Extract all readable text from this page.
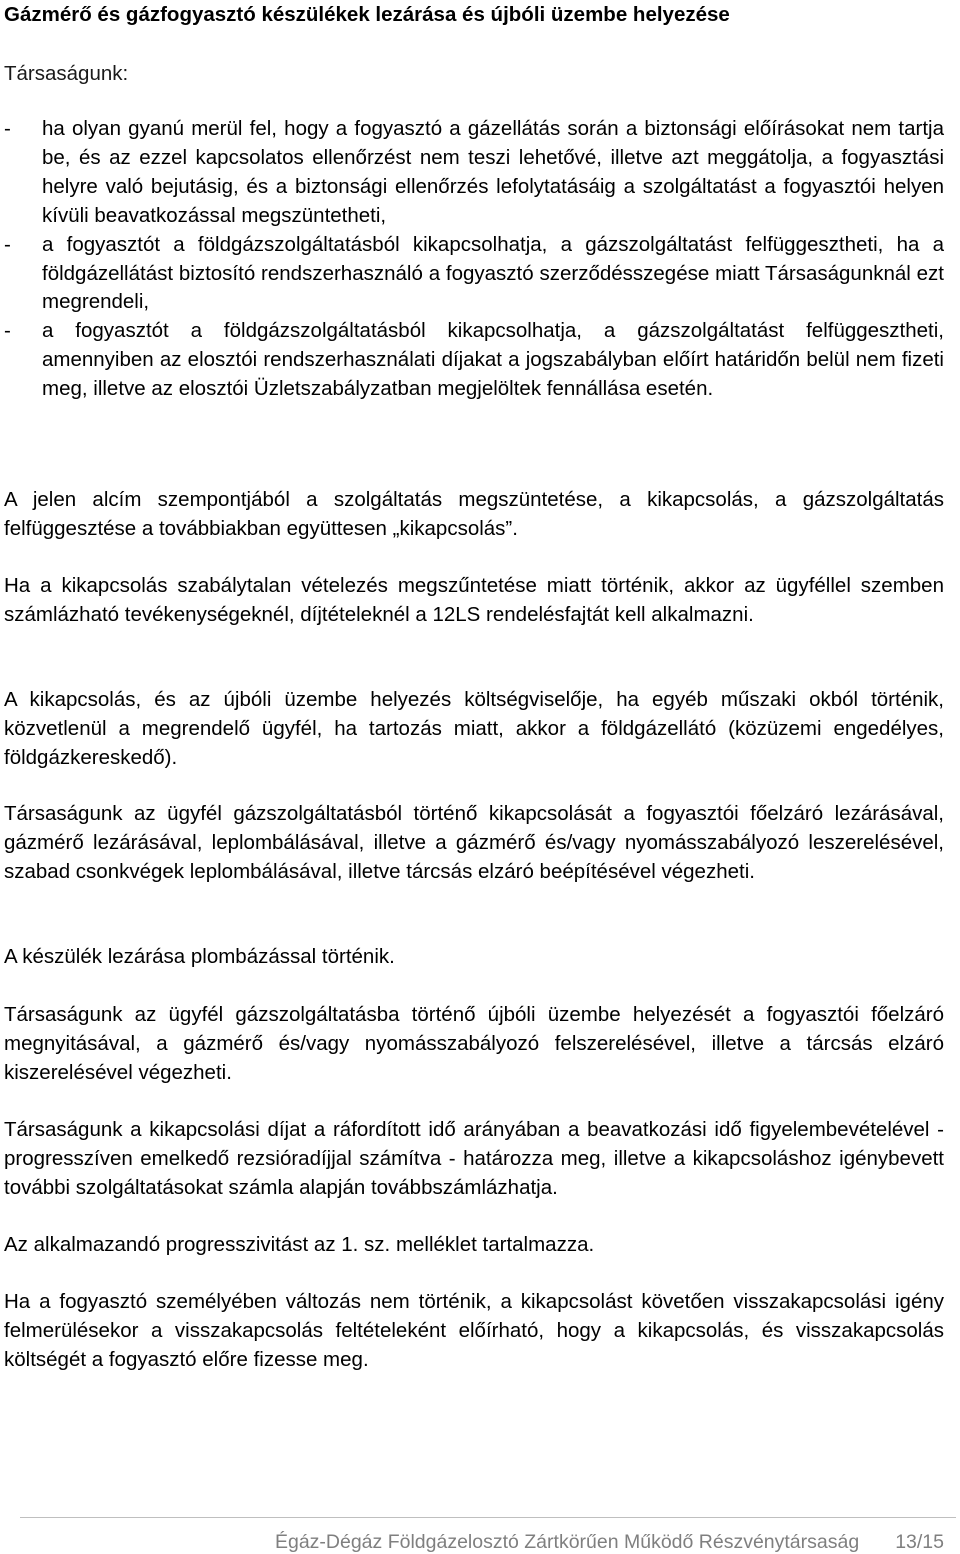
Gázmérő és gázfogyasztó készülékek lezárása és újbóli üzembe helyezése
Társaságunk:
- ha olyan gyanú merül fel, hogy a fogyasztó a gázellátás során a biztonsági előírásokat nem tartja be, és az ezzel kapcsolatos ellenőrzést nem teszi lehetővé, illetve azt meggátolja, a fogyasztási helyre való bejutásig, és a biztonsági ellenőrzés lefolytatásáig a szolgáltatást a fogyasztói helyen kívüli beavatkozással megszüntetheti,
- a fogyasztót a földgázszolgáltatásból kikapcsolhatja, a gázszolgáltatást felfüggesztheti, ha a földgázellátást biztosító rendszerhasználó a fogyasztó szerződésszegése miatt Társaságunknál ezt megrendeli,
- a fogyasztót a földgázszolgáltatásból kikapcsolhatja, a gázszolgáltatást felfüggesztheti, amennyiben az elosztói rendszerhasználati díjakat a jogszabályban előírt határidőn belül nem fizeti meg, illetve az elosztói Üzletszabályzatban megjelöltek fennállása esetén.

A jelen alcím szempontjából a szolgáltatás megszüntetése, a kikapcsolás, a gázszolgáltatás felfüggesztése a továbbiakban együttesen „kikapcsolás”.

Ha a kikapcsolás szabálytalan vételezés megszűntetése miatt történik, akkor az ügyféllel szemben számlázható tevékenységeknél, díjtételeknél a 12LS rendelésfajtát kell alkalmazni.

A kikapcsolás, és az újbóli üzembe helyezés költségviselője, ha egyéb műszaki okból történik, közvetlenül a megrendelő ügyfél, ha tartozás miatt, akkor a földgázellátó (közüzemi engedélyes, földgázkereskedő).

Társaságunk az ügyfél gázszolgáltatásból történő kikapcsolását a fogyasztói főelzáró lezárásával, gázmérő lezárásával, leplombálásával, illetve a gázmérő és/vagy nyomásszabályozó leszerelésével, szabad csonkvégek leplombálásával, illetve tárcsás elzáró beépítésével végezheti.

A készülék lezárása plombázással történik.

Társaságunk az ügyfél gázszolgáltatásba történő újbóli üzembe helyezését a fogyasztói főelzáró megnyitásával, a gázmérő és/vagy nyomásszabályozó felszerelésével, illetve a tárcsás elzáró kiszerelésével végezheti.

Társaságunk a kikapcsolási díjat a ráfordított idő arányában a beavatkozási idő figyelembevételével - progresszíven emelkedő rezsióradíjjal számítva - határozza meg, illetve a kikapcsoláshoz igénybevett további szolgáltatásokat számla alapján továbbszámlázhatja.

Az alkalmazandó progresszivitást az 1. sz. melléklet tartalmazza.

Ha a fogyasztó személyében változás nem történik, a kikapcsolást követően visszakapcsolási igény felmerülésekor a visszakapcsolás feltételeként előírható, hogy a kikapcsolás, és visszakapcsolás költségét a fogyasztó előre fizesse meg.

Égáz-Dégáz Földgázelosztó Zártkörűen Működő Részvénytársaság 13/15
